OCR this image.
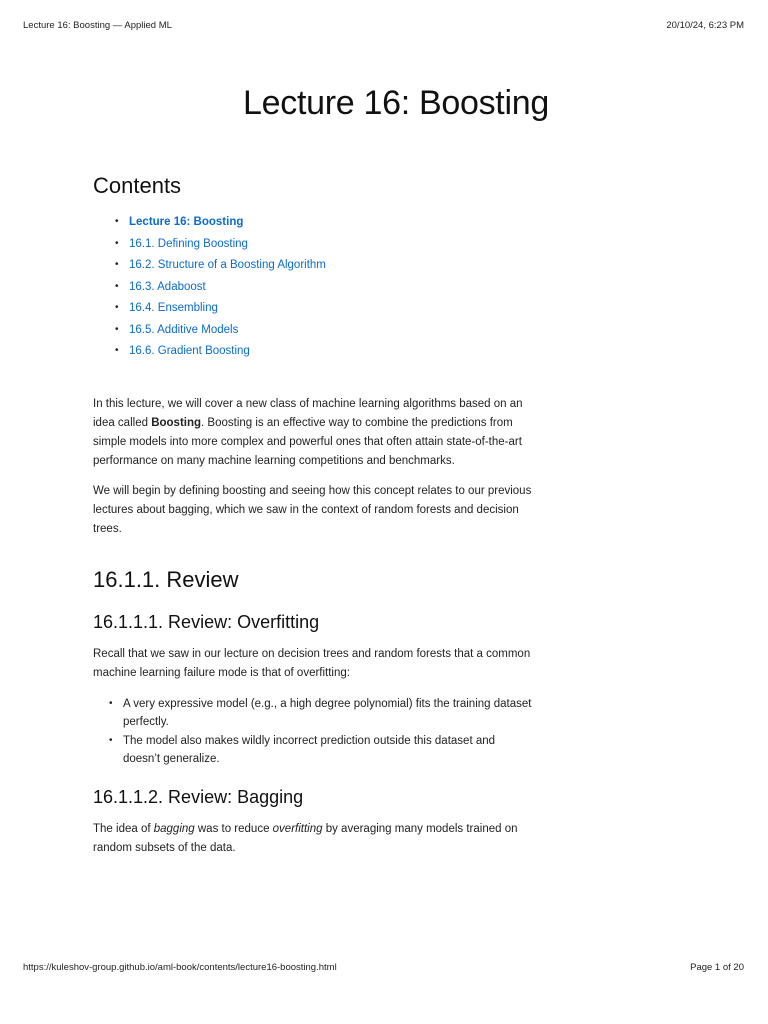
Lecture 16: Boosting — Applied ML	20/10/24, 6:23 PM
Lecture 16: Boosting
Contents
• Lecture 16: Boosting
• 16.1. Defining Boosting
• 16.2. Structure of a Boosting Algorithm
• 16.3. Adaboost
• 16.4. Ensembling
• 16.5. Additive Models
• 16.6. Gradient Boosting

In this lecture, we will cover a new class of machine learning algorithms based on an idea called Boosting. Boosting is an effective way to combine the predictions from simple models into more complex and powerful ones that often attain state-of-the-art performance on many machine learning competitions and benchmarks.

We will begin by defining boosting and seeing how this concept relates to our previous lectures about bagging, which we saw in the context of random forests and decision trees.

16.1.1. Review
16.1.1.1. Review: Overfitting

Recall that we saw in our lecture on decision trees and random forests that a common machine learning failure mode is that of overfitting:

• A very expressive model (e.g., a high degree polynomial) fits the training dataset perfectly.
• The model also makes wildly incorrect prediction outside this dataset and doesn’t generalize.
16.1.1.2. Review: Bagging

The idea of bagging was to reduce overfitting by averaging many models trained on random subsets of the data.

https://kuleshov-group.github.io/aml-book/contents/lecture16-boosting.html	Page 1 of 20
